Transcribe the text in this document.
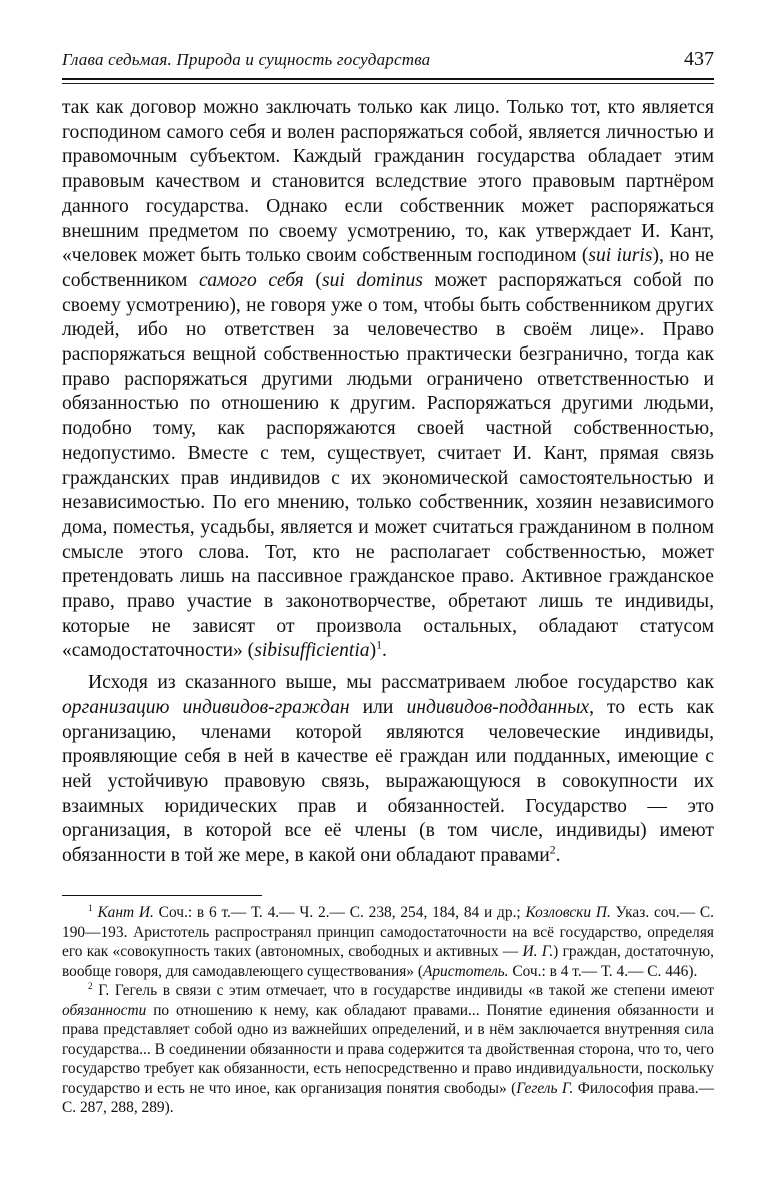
Глава седьмая. Природа и сущность государства	437

так как договор можно заключать только как лицо. Только тот, кто является господином самого себя и волен распоряжаться собой, является личностью и правомочным субъектом. Каждый гражданин государства обладает этим правовым качеством и становится вследствие этого правовым партнёром данного государства. Однако если собственник может распоряжаться внешним предметом по своему усмотрению, то, как утверждает И. Кант, «человек может быть только своим собственным господином (sui iuris), но не собственником самого себя (sui dominus может распоряжаться собой по своему усмотрению), не говоря уже о том, чтобы быть собственником других людей, ибо но ответствен за человечество в своём лице». Право распоряжаться вещной собственностью практически безгранично, тогда как право распоряжаться другими людьми ограничено ответственностью и обязанностью по отношению к другим. Распоряжаться другими людьми, подобно тому, как распоряжаются своей частной собственностью, недопустимо. Вместе с тем, существует, считает И. Кант, прямая связь гражданских прав индивидов с их экономической самостоятельностью и независимостью. По его мнению, только собственник, хозяин независимого дома, поместья, усадьбы, является и может считаться гражданином в полном смысле этого слова. Тот, кто не располагает собственностью, может претендовать лишь на пассивное гражданское право. Активное гражданское право, право участие в законотворчестве, обретают лишь те индивиды, которые не зависят от произвола остальных, обладают статусом «самодостаточности» (sibisufficientia)$^1$.

Исходя из сказанного выше, мы рассматриваем любое государство как организацию индивидов-граждан или индивидов-подданных, то есть как организацию, членами которой являются человеческие индивиды, проявляющие себя в ней в качестве её граждан или подданных, имеющие с ней устойчивую правовую связь, выражающуюся в совокупности их взаимных юридических прав и обязанностей. Государство — это организация, в которой все её члены (в том числе, индивиды) имеют обязанности в той же мере, в какой они обладают правами$^2$.

$^1$ Кант И. Соч.: в 6 т.— Т. 4.— Ч. 2.— С. 238, 254, 184, 84 и др.; Козловски П. Указ. соч.— С. 190—193. Аристотель распространял принцип самодостаточности на всё государство, определяя его как «совокупность таких (автономных, свободных и активных — И. Г.) граждан, достаточную, вообще говоря, для самодавлеющего существования» (Аристотель. Соч.: в 4 т.— Т. 4.— С. 446).

$^2$ Г. Гегель в связи с этим отмечает, что в государстве индивиды «в такой же степени имеют обязанности по отношению к нему, как обладают правами... Понятие единения обязанности и права представляет собой одно из важнейших определений, и в нём заключается внутренняя сила государства... В соединении обязанности и права содержится та двойственная сторона, что то, чего государство требует как обязанности, есть непосредственно и право индивидуальности, поскольку государство и есть не что иное, как организация понятия свободы» (Гегель Г. Философия права.— С. 287, 288, 289).
